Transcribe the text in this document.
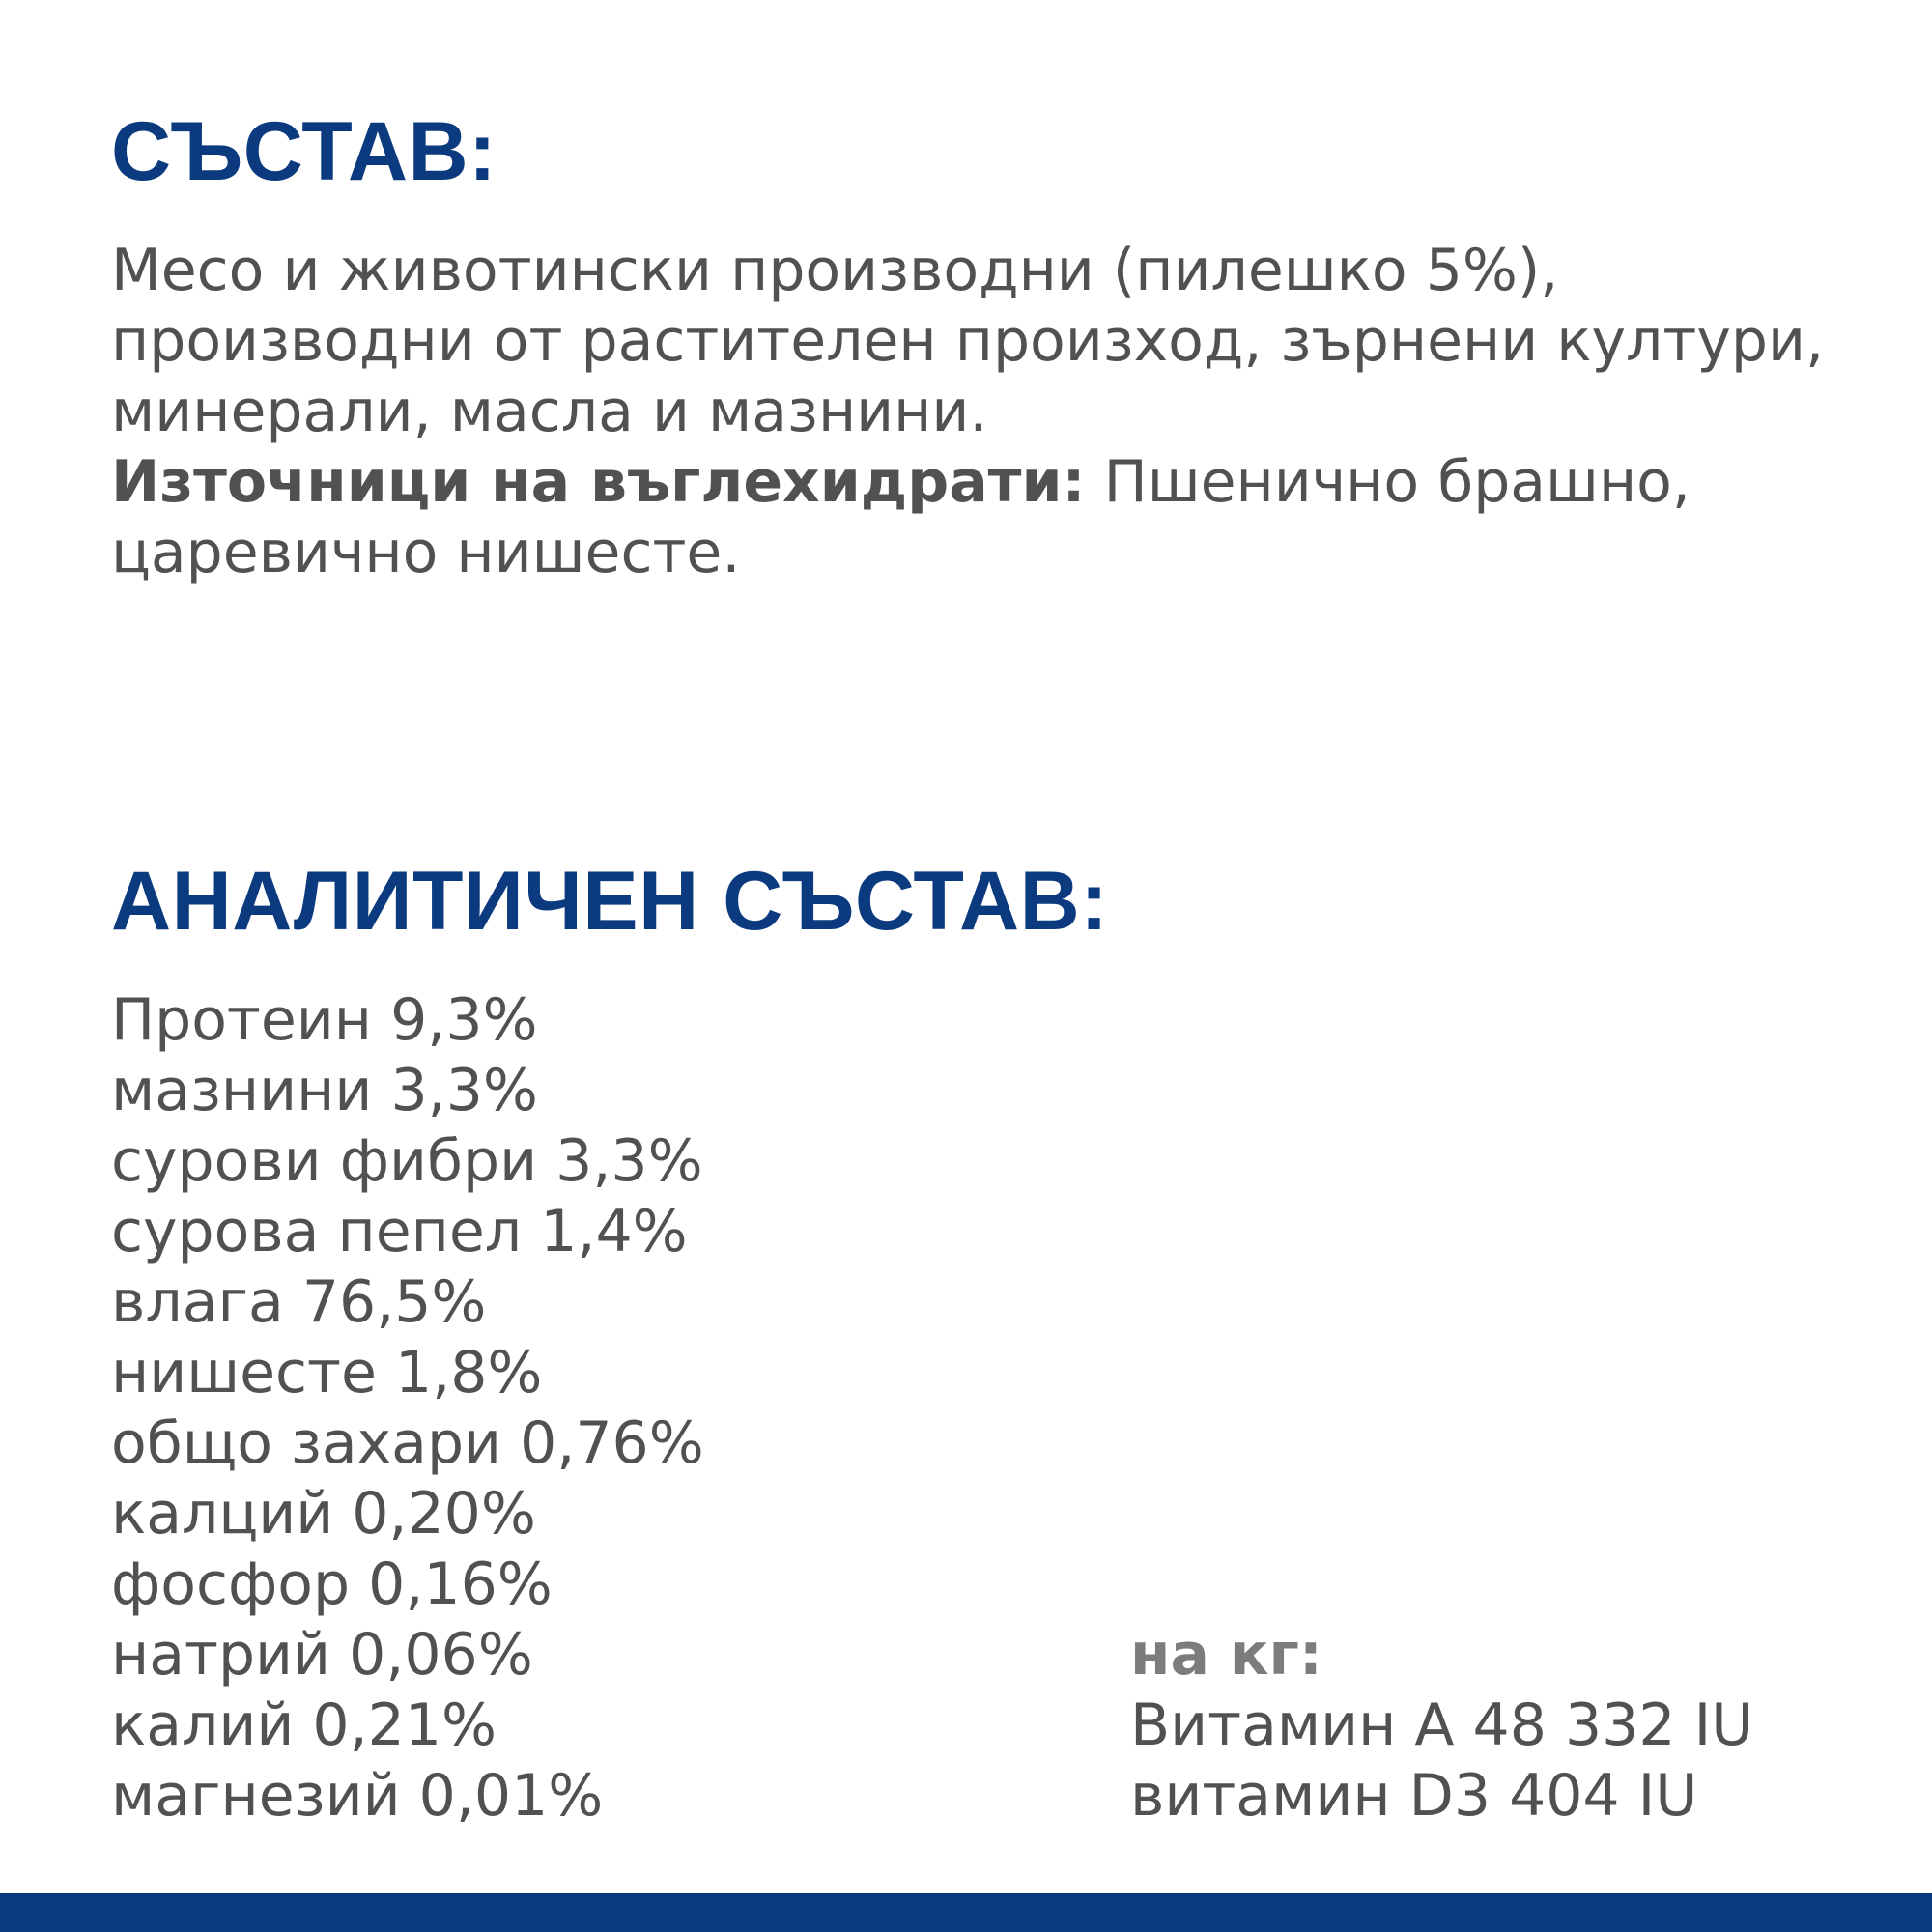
СЪСТАВ:
Месо и животински производни (пилешко 5%),
производни от растителен произход, зърнени култури,
минерали, масла и мазнини.
Източници на въглехидрати: Пшенично брашно,
царевично нишесте.
АНАЛИТИЧЕН СЪСТАВ:
Протеин 9,3%
мазнини 3,3%
сурови фибри 3,3%
сурова пепел 1,4%
влага 76,5%
нишесте 1,8%
общо захари 0,76%
калций 0,20%
фосфор 0,16%
натрий 0,06%
калий 0,21%
магнезий 0,01%
на кг:
Витамин А 48 332 IU
витамин D3 404 IU
